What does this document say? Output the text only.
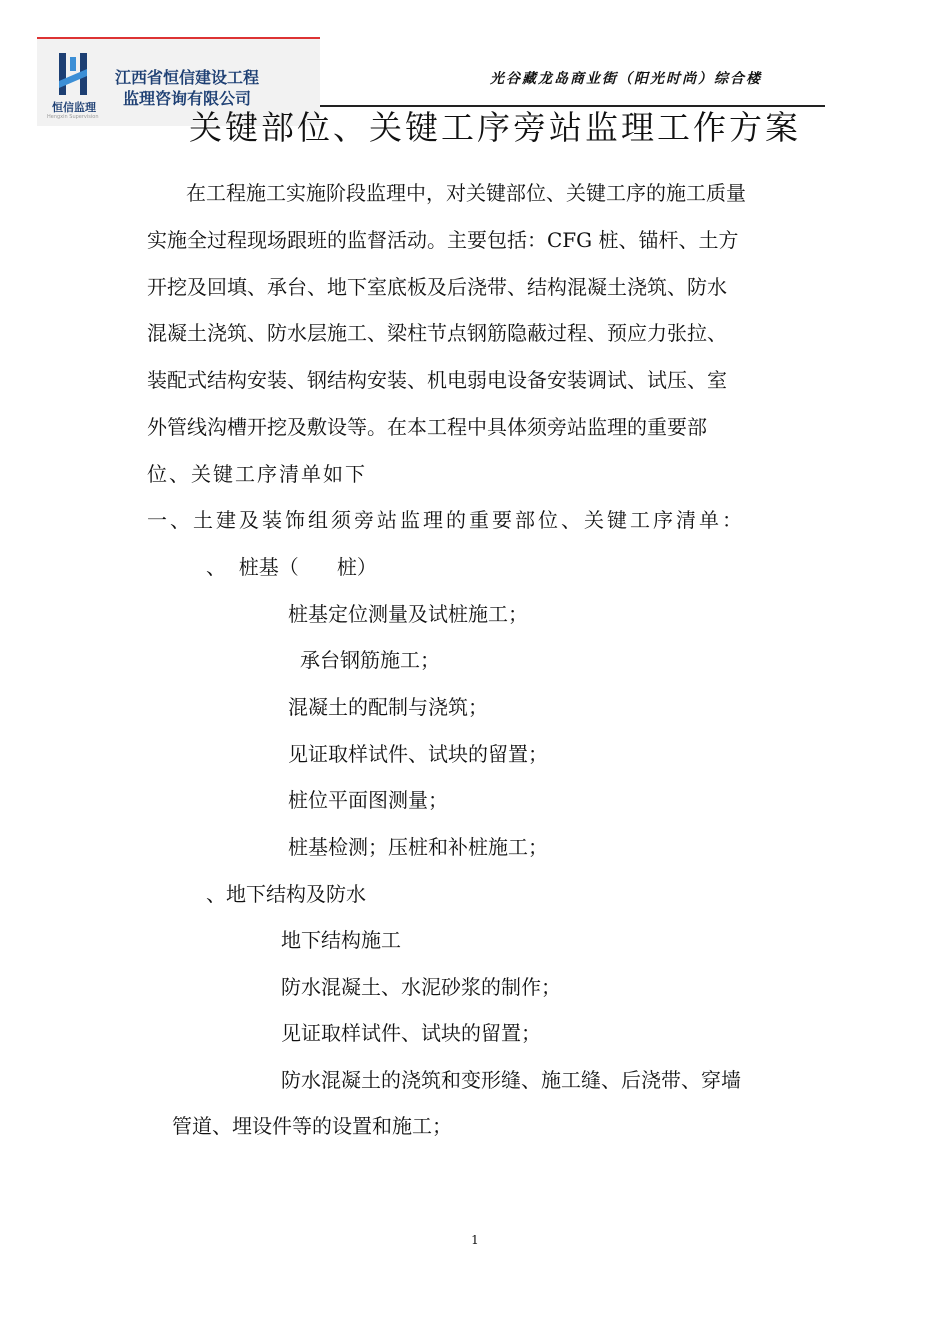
恒信监理
Hengxin Supervision
江西省恒信建设工程
监理咨询有限公司
光谷藏龙岛商业街（阳光时尚）综合楼
关键部位、关键工序旁站监理工作方案
在工程施工实施阶段监理中，对关键部位、关键工序的施工质量
实施全过程现场跟班的监督活动。主要包括：CFG 桩、锚杆、土方
开挖及回填、承台、地下室底板及后浇带、结构混凝土浇筑、防水
混凝土浇筑、防水层施工、梁柱节点钢筋隐蔽过程、预应力张拉、
装配式结构安装、钢结构安装、机电弱电设备安装调试、试压、室
外管线沟槽开挖及敷设等。在本工程中具体须旁站监理的重要部
位、关键工序清单如下
一、土建及装饰组须旁站监理的重要部位、关键工序清单：
、  桩基（      桩）
桩基定位测量及试桩施工；
承台钢筋施工；
混凝土的配制与浇筑；
见证取样试件、试块的留置；
桩位平面图测量；
桩基检测；压桩和补桩施工；
、地下结构及防水
地下结构施工
防水混凝土、水泥砂浆的制作；
见证取样试件、试块的留置；
防水混凝土的浇筑和变形缝、施工缝、后浇带、穿墙
管道、埋设件等的设置和施工；
1
